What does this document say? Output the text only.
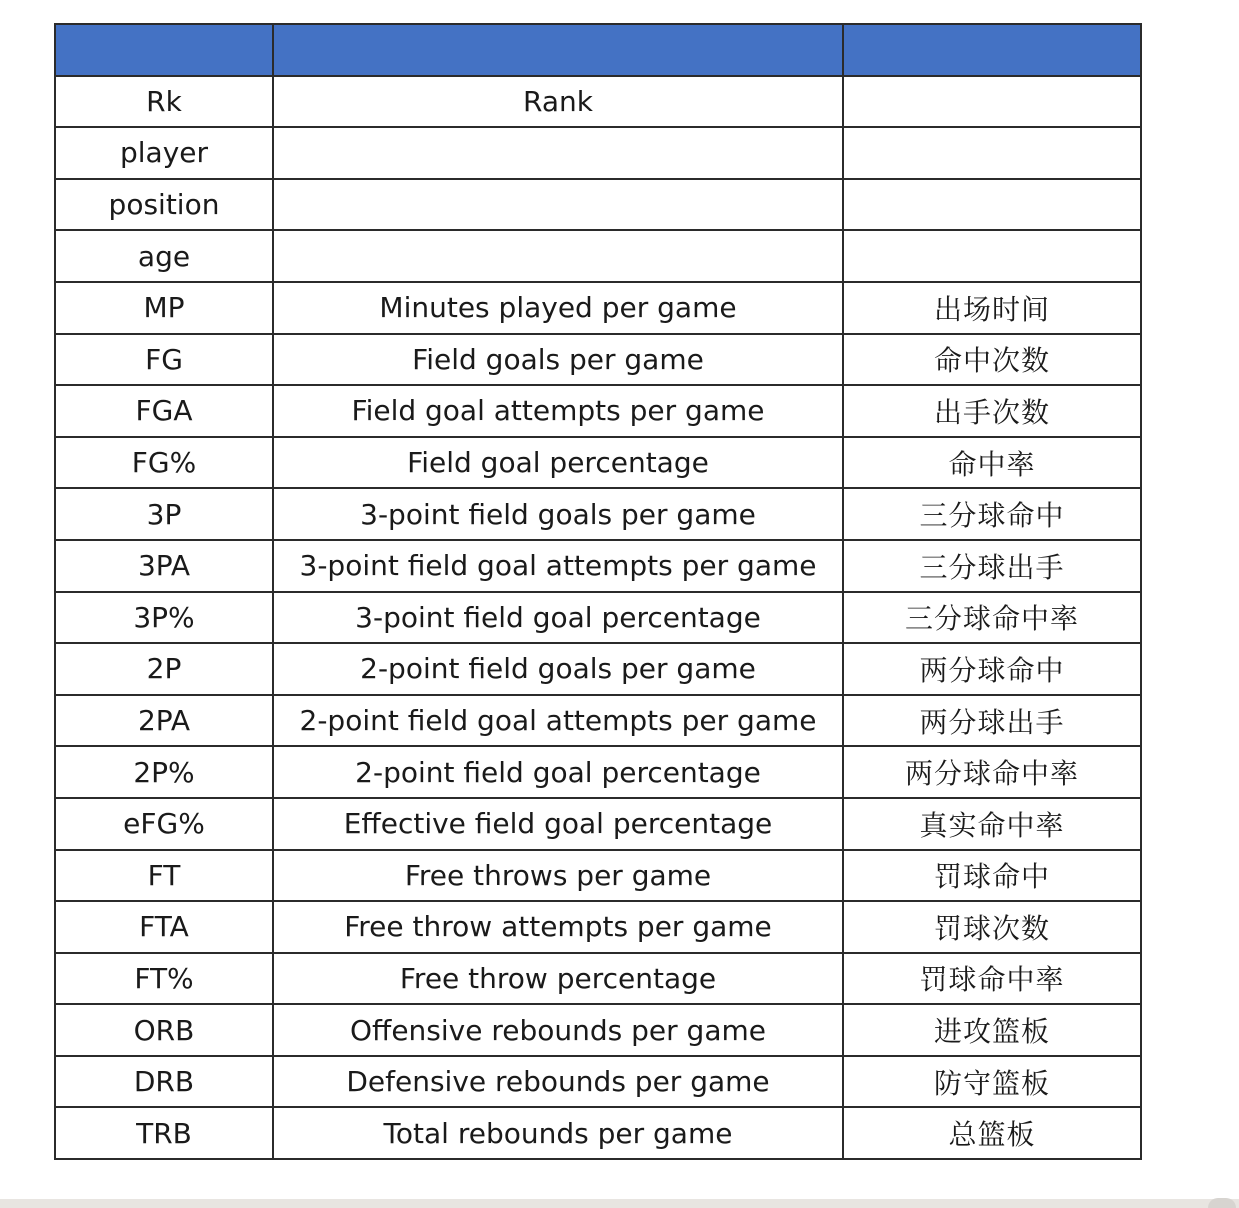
Rk	Rank	
player		
position		
age		
MP	Minutes played per game	出场时间
FG	Field goals per game	命中次数
FGA	Field goal attempts per game	出手次数
FG%	Field goal percentage	命中率
3P	3-point field goals per game	三分球命中
3PA	3-point field goal attempts per game	三分球出手
3P%	3-point field goal percentage	三分球命中率
2P	2-point field goals per game	两分球命中
2PA	2-point field goal attempts per game	两分球出手
2P%	2-point field goal percentage	两分球命中率
eFG%	Effective field goal percentage	真实命中率
FT	Free throws per game	罚球命中
FTA	Free throw attempts per game	罚球次数
FT%	Free throw percentage	罚球命中率
ORB	Offensive rebounds per game	进攻篮板
DRB	Defensive rebounds per game	防守篮板
TRB	Total rebounds per game	总篮板
